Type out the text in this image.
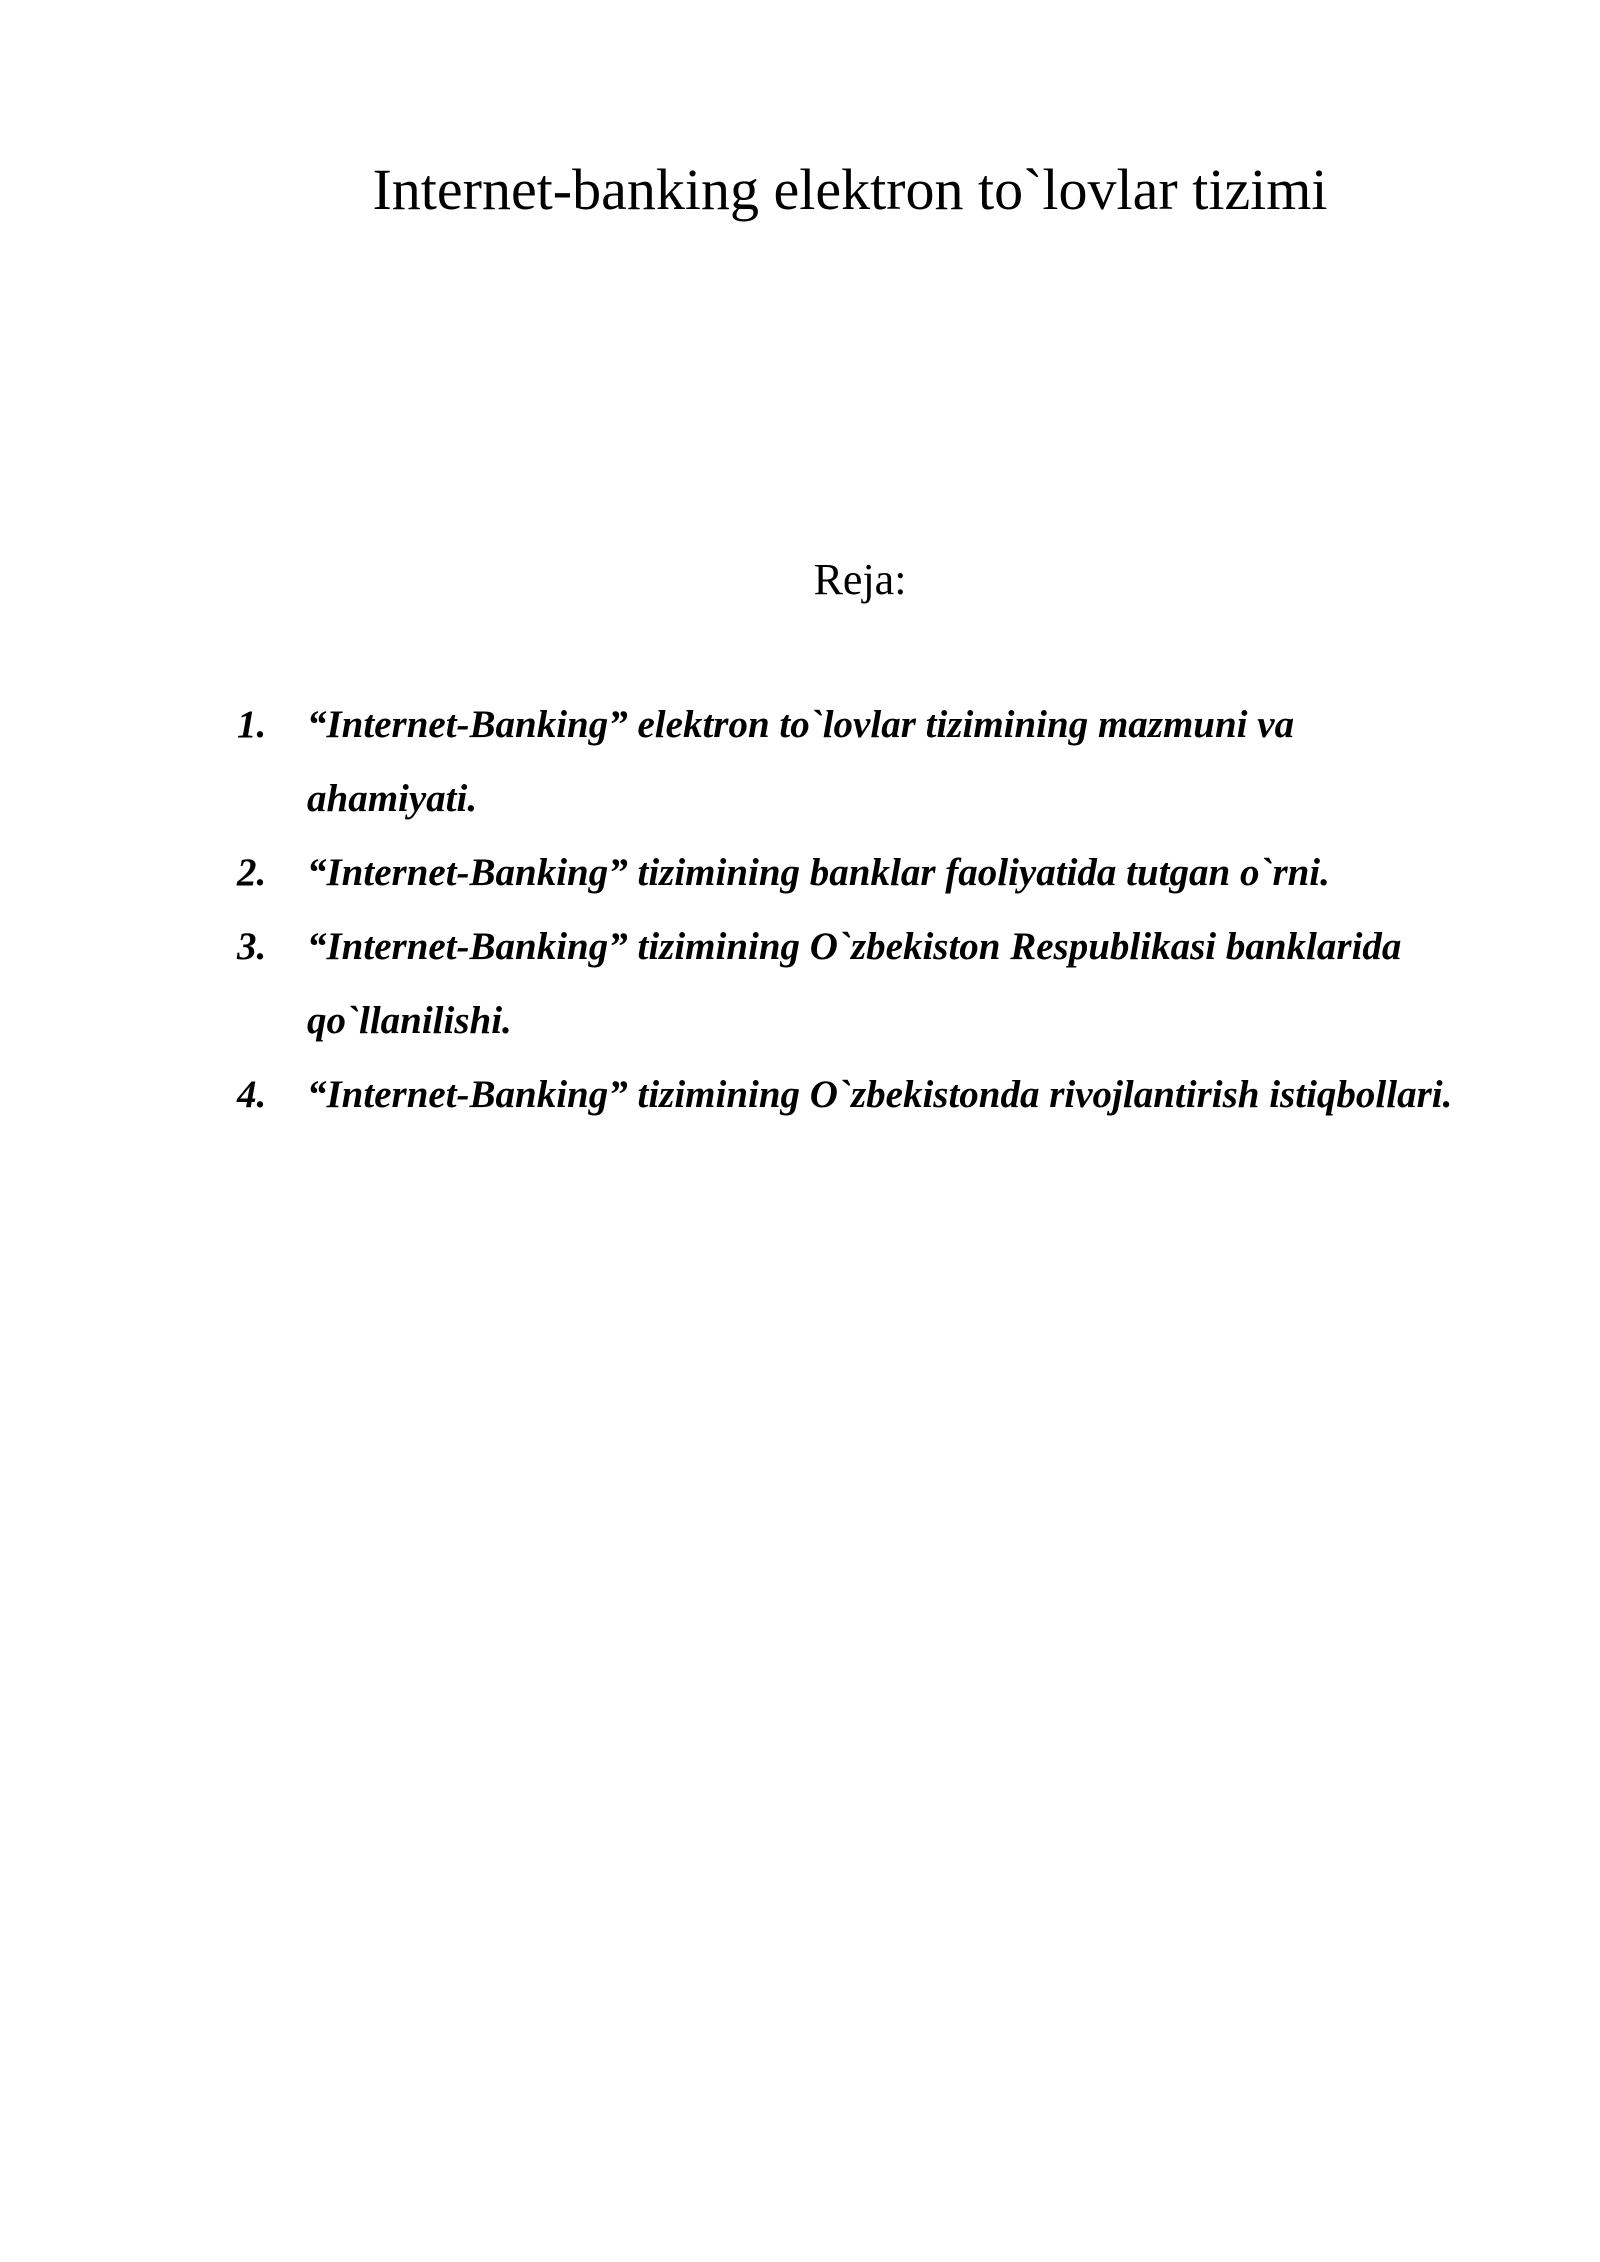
Internet-banking elektron to`lovlar tizimi
Reja:
1. “Internet-Banking” elektron to`lovlar tizimining mazmuni va ahamiyati.
2. “Internet-Banking” tizimining banklar faoliyatida tutgan o`rni.
3. “Internet-Banking” tizimining O`zbekiston Respublikasi banklarida qo`llanilishi.
4. “Internet-Banking” tizimining O`zbekistonda rivojlantirish istiqbollari.
